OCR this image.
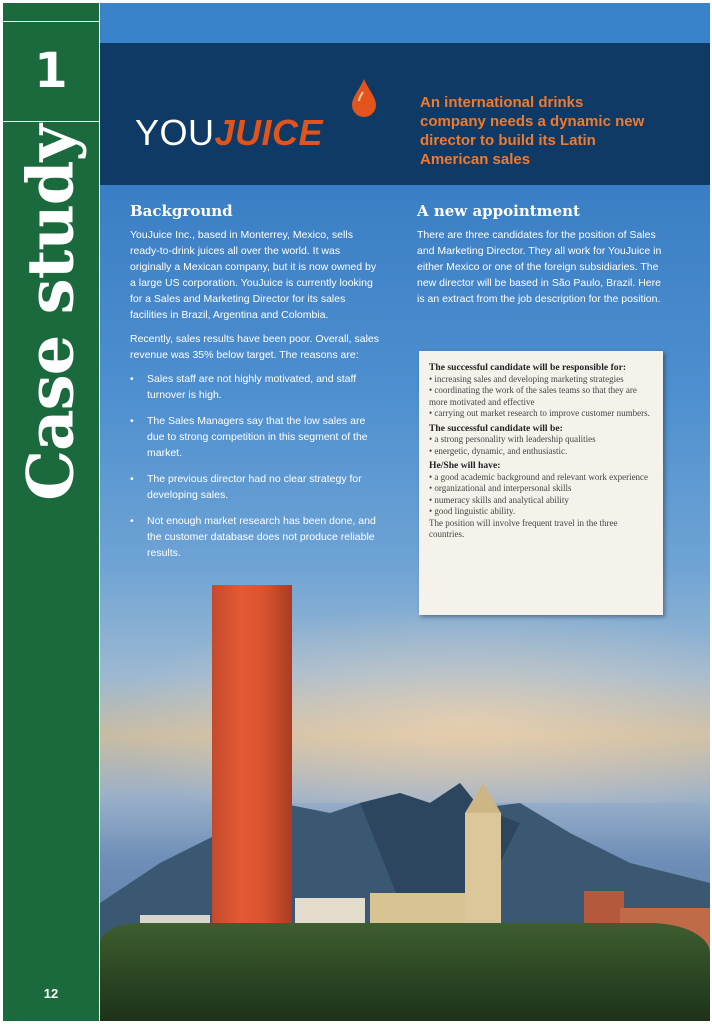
1
Case study
12
YOUJUICE
An international drinks company needs a dynamic new director to build its Latin American sales
Background

YouJuice Inc., based in Monterrey, Mexico, sells ready-to-drink juices all over the world. It was originally a Mexican company, but it is now owned by a large US corporation. YouJuice is currently looking for a Sales and Marketing Director for its sales facilities in Brazil, Argentina and Colombia.

Recently, sales results have been poor. Overall, sales revenue was 35% below target. The reasons are:

• Sales staff are not highly motivated, and staff turnover is high.
• The Sales Managers say that the low sales are due to strong competition in this segment of the market.
• The previous director had no clear strategy for developing sales.
• Not enough market research has been done, and the customer database does not produce reliable results.
A new appointment

There are three candidates for the position of Sales and Marketing Director. They all work for YouJuice in either Mexico or one of the foreign subsidiaries. The new director will be based in São Paulo, Brazil. Here is an extract from the job description for the position.

The successful candidate will be responsible for:
• increasing sales and developing marketing strategies
• coordinating the work of the sales teams so that they are more motivated and effective
• carrying out market research to improve customer numbers.
The successful candidate will be:
• a strong personality with leadership qualities
• energetic, dynamic, and enthusiastic.
He/She will have:
• a good academic background and relevant work experience
• organizational and interpersonal skills
• numeracy skills and analytical ability
• good linguistic ability.
The position will involve frequent travel in the three countries.
